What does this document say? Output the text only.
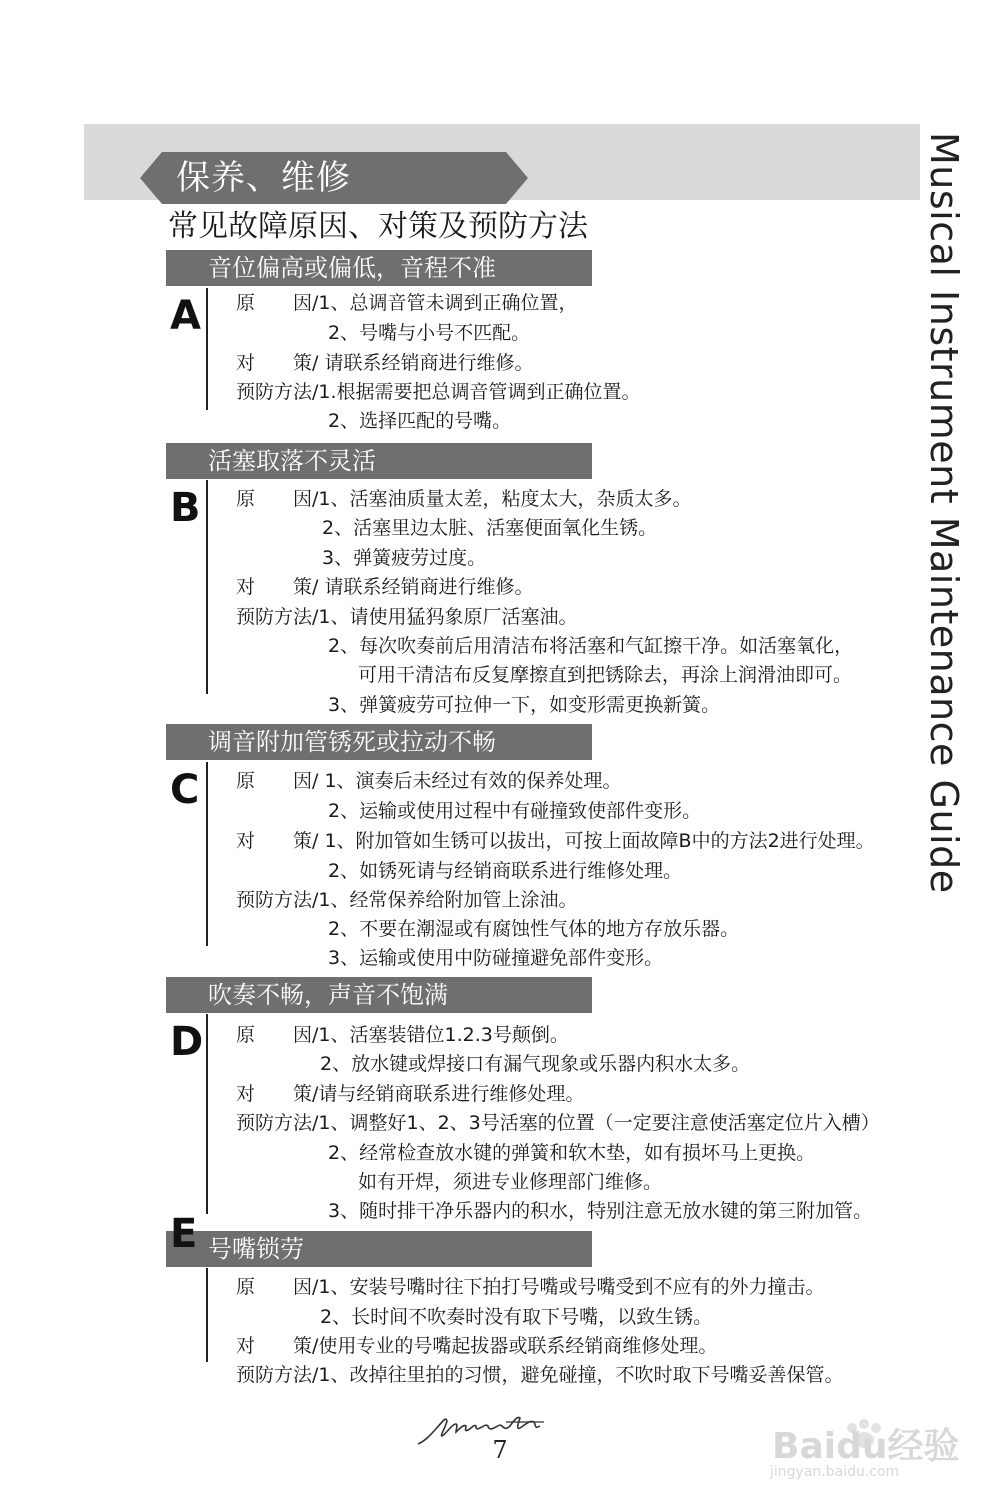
保养、维修
常见故障原因、对策及预防方法	Musical Instrument Maintenance Guide
音位偏高或偏低，音程不准
A 原　　因/1、总调音管未调到正确位置，
2、号嘴与小号不匹配。
对　　策/ 请联系经销商进行维修。
预防方法/1.根据需要把总调音管调到正确位置。
2、选择匹配的号嘴。
活塞取落不灵活
B 原　　因/1、活塞油质量太差，粘度太大，杂质太多。
2、活塞里边太脏、活塞便面氧化生锈。
3、弹簧疲劳过度。
对　　策/ 请联系经销商进行维修。
预防方法/1、请使用猛犸象原厂活塞油。
2、每次吹奏前后用清洁布将活塞和气缸擦干净。如活塞氧化，
可用干清洁布反复摩擦直到把锈除去，再涂上润滑油即可。
3、弹簧疲劳可拉伸一下，如变形需更换新簧。
调音附加管锈死或拉动不畅
C 原　　因/ 1、演奏后未经过有效的保养处理。
2、运输或使用过程中有碰撞致使部件变形。
对　　策/ 1、附加管如生锈可以拔出，可按上面故障B中的方法2进行处理。
2、如锈死请与经销商联系进行维修处理。
预防方法/1、经常保养给附加管上涂油。
2、不要在潮湿或有腐蚀性气体的地方存放乐器。
3、运输或使用中防碰撞避免部件变形。
吹奏不畅，声音不饱满
D 原　　因/1、活塞装错位1.2.3号颠倒。
2、放水键或焊接口有漏气现象或乐器内积水太多。
对　　策/请与经销商联系进行维修处理。
预防方法/1、调整好1、2、3号活塞的位置（一定要注意使活塞定位片入槽）
2、经常检查放水键的弹簧和软木垫，如有损坏马上更换。
如有开焊，须进专业修理部门维修。
3、随时排干净乐器内的积水，特别注意无放水键的第三附加管。
号嘴锁劳
E
原　　因/1、安装号嘴时往下拍打号嘴或号嘴受到不应有的外力撞击。
2、长时间不吹奏时没有取下号嘴，以致生锈。
对　　策/使用专业的号嘴起拔器或联系经销商维修处理。
预防方法/1、改掉往里拍的习惯，避免碰撞，不吹时取下号嘴妥善保管。
7	Baidu经验
jingyan.baidu.com
